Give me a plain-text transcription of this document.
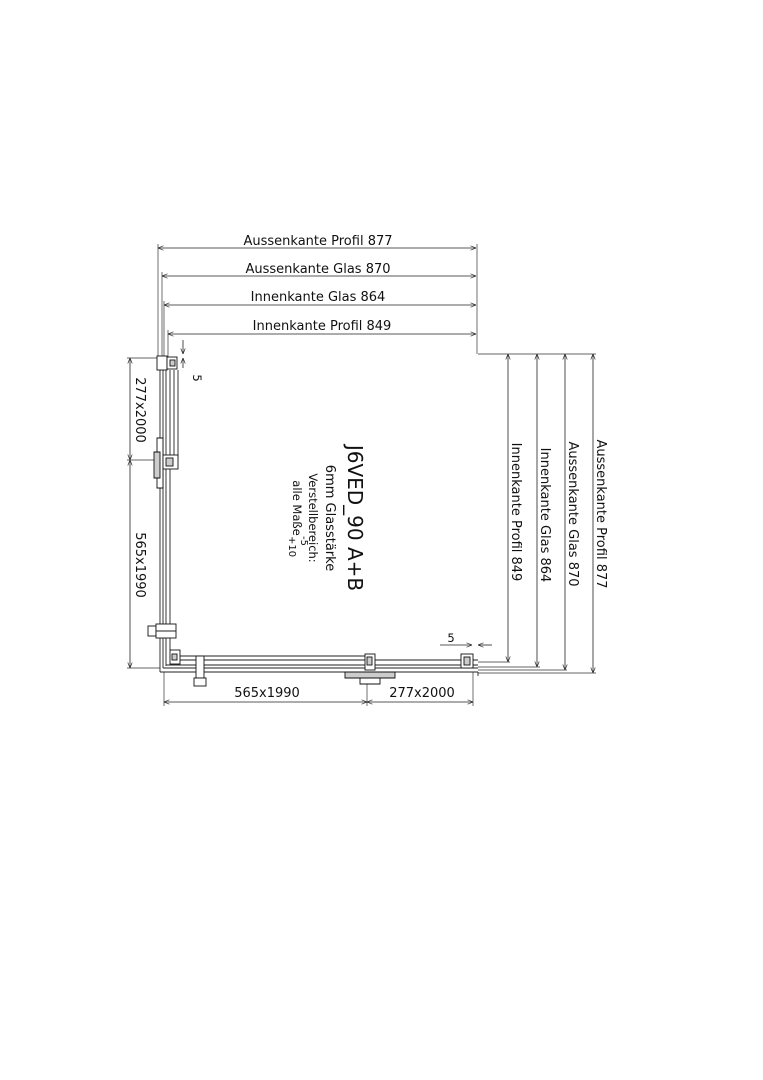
Aussenkante Profil 877
Aussenkante Glas 870
Innenkante Glas 864
Innenkante Profil 849
5
Innenkante Profil 849 Innenkante Glas 864 Aussenkante Glas 870 Aussenkante Profil 877
5
277x2000
565x1990
565x1990	277x2000
J6VED_90 A+B
6mm Glasstärke
Verstellbereich:
alle Maße
-5
+10
